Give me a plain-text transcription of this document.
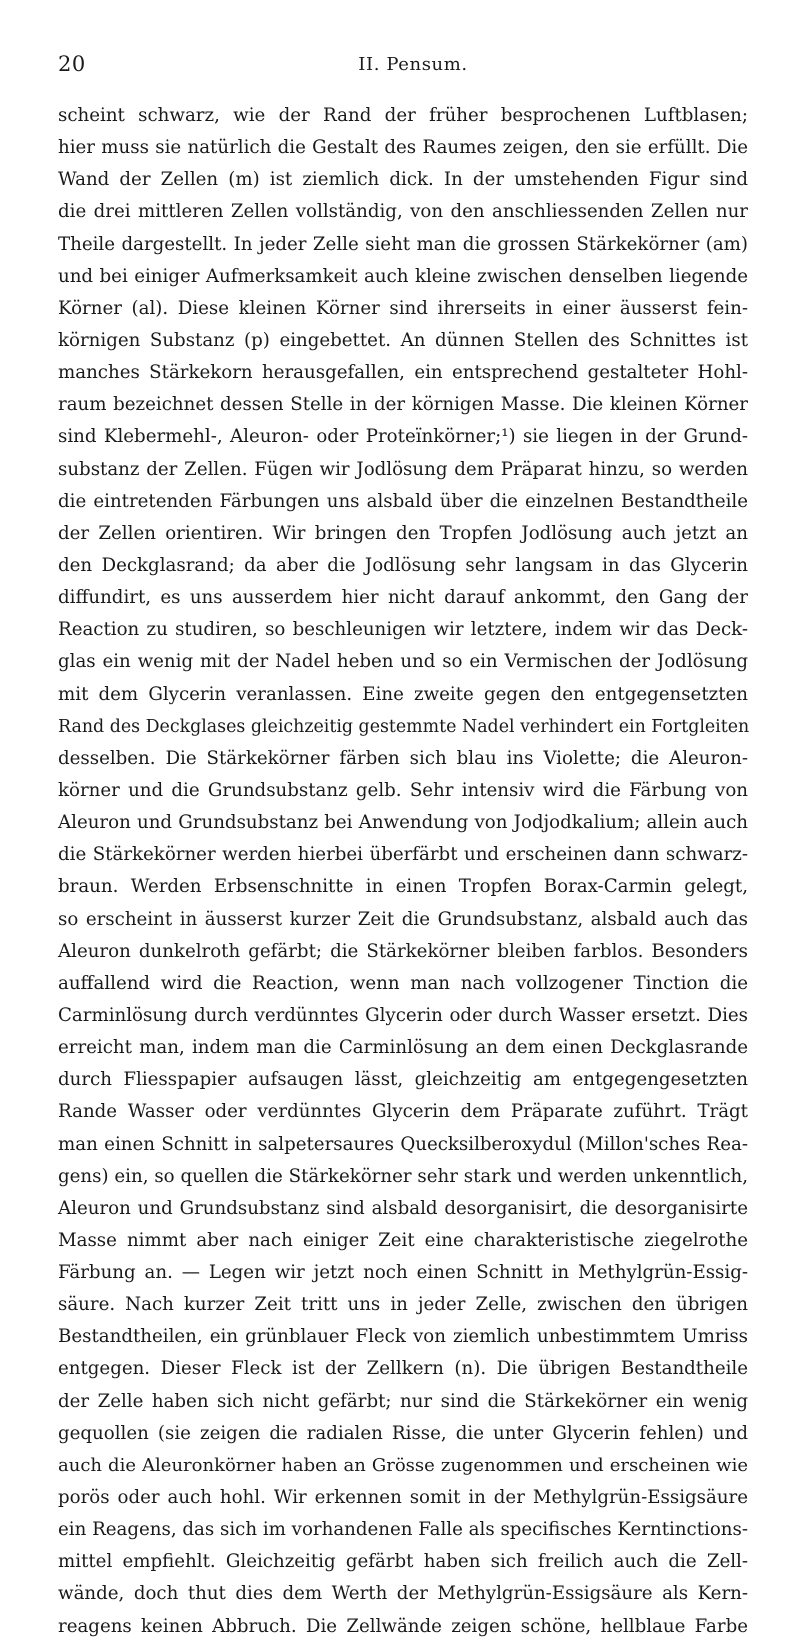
20	II. Pensum.
scheint schwarz, wie der Rand der früher besprochenen Luftblasen;
hier muss sie natürlich die Gestalt des Raumes zeigen, den sie erfüllt. Die
Wand der Zellen (m) ist ziemlich dick. In der umstehenden Figur sind
die drei mittleren Zellen vollständig, von den anschliessenden Zellen nur
Theile dargestellt. In jeder Zelle sieht man die grossen Stärkekörner (am)
und bei einiger Aufmerksamkeit auch kleine zwischen denselben liegende
Körner (al). Diese kleinen Körner sind ihrerseits in einer äusserst fein-
körnigen Substanz (p) eingebettet. An dünnen Stellen des Schnittes ist
manches Stärkekorn herausgefallen, ein entsprechend gestalteter Hohl-
raum bezeichnet dessen Stelle in der körnigen Masse. Die kleinen Körner
sind Klebermehl-, Aleuron- oder Proteïnkörner;¹) sie liegen in der Grund-
substanz der Zellen. Fügen wir Jodlösung dem Präparat hinzu, so werden
die eintretenden Färbungen uns alsbald über die einzelnen Bestandtheile
der Zellen orientiren. Wir bringen den Tropfen Jodlösung auch jetzt an
den Deckglasrand; da aber die Jodlösung sehr langsam in das Glycerin
diffundirt, es uns ausserdem hier nicht darauf ankommt, den Gang der
Reaction zu studiren, so beschleunigen wir letztere, indem wir das Deck-
glas ein wenig mit der Nadel heben und so ein Vermischen der Jodlösung
mit dem Glycerin veranlassen. Eine zweite gegen den entgegensetzten
Rand des Deckglases gleichzeitig gestemmte Nadel verhindert ein Fortgleiten
desselben. Die Stärkekörner färben sich blau ins Violette; die Aleuron-
körner und die Grundsubstanz gelb. Sehr intensiv wird die Färbung von
Aleuron und Grundsubstanz bei Anwendung von Jodjodkalium; allein auch
die Stärkekörner werden hierbei überfärbt und erscheinen dann schwarz-
braun. Werden Erbsenschnitte in einen Tropfen Borax-Carmin gelegt,
so erscheint in äusserst kurzer Zeit die Grundsubstanz, alsbald auch das
Aleuron dunkelroth gefärbt; die Stärkekörner bleiben farblos. Besonders
auffallend wird die Reaction, wenn man nach vollzogener Tinction die
Carminlösung durch verdünntes Glycerin oder durch Wasser ersetzt. Dies
erreicht man, indem man die Carminlösung an dem einen Deckglasrande
durch Fliesspapier aufsaugen lässt, gleichzeitig am entgegengesetzten
Rande Wasser oder verdünntes Glycerin dem Präparate zuführt. Trägt
man einen Schnitt in salpetersaures Quecksilberoxydul (Millon'sches Rea-
gens) ein, so quellen die Stärkekörner sehr stark und werden unkenntlich,
Aleuron und Grundsubstanz sind alsbald desorganisirt, die desorganisirte
Masse nimmt aber nach einiger Zeit eine charakteristische ziegelrothe
Färbung an. — Legen wir jetzt noch einen Schnitt in Methylgrün-Essig-
säure. Nach kurzer Zeit tritt uns in jeder Zelle, zwischen den übrigen
Bestandtheilen, ein grünblauer Fleck von ziemlich unbestimmtem Umriss
entgegen. Dieser Fleck ist der Zellkern (n). Die übrigen Bestandtheile
der Zelle haben sich nicht gefärbt; nur sind die Stärkekörner ein wenig
gequollen (sie zeigen die radialen Risse, die unter Glycerin fehlen) und
auch die Aleuronkörner haben an Grösse zugenommen und erscheinen wie
porös oder auch hohl. Wir erkennen somit in der Methylgrün-Essigsäure
ein Reagens, das sich im vorhandenen Falle als specifisches Kerntinctions-
mittel empfiehlt. Gleichzeitig gefärbt haben sich freilich auch die Zell-
wände, doch thut dies dem Werth der Methylgrün-Essigsäure als Kern-
reagens keinen Abbruch. Die Zellwände zeigen schöne, hellblaue Farbe
